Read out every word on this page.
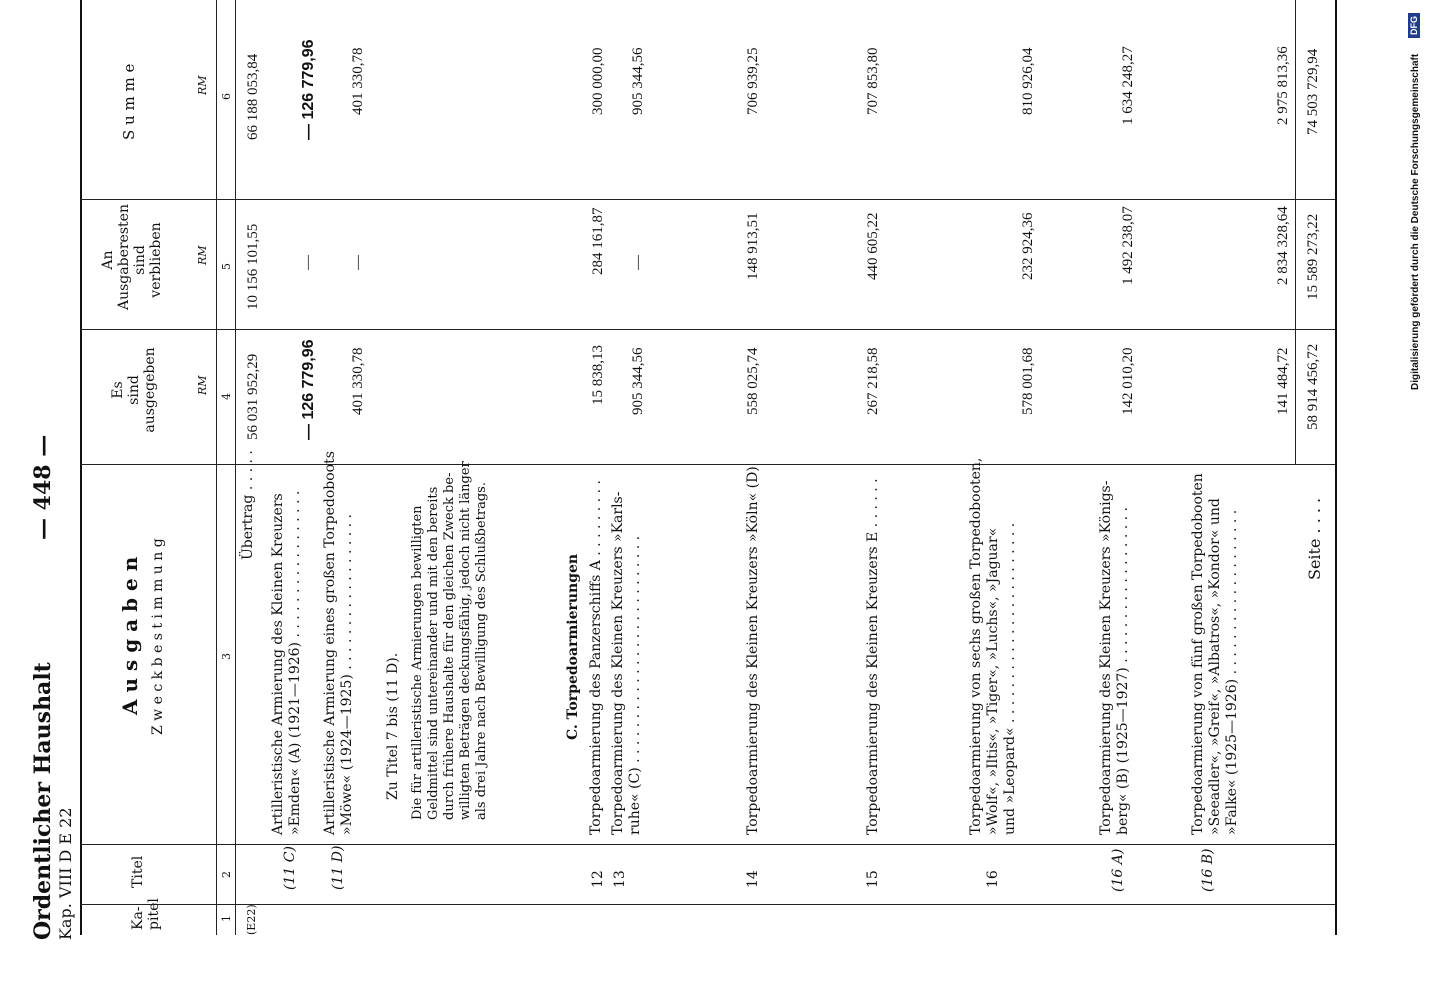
Ordentlicher Haushalt Kap. VIII D E 22
— 448 —
Ka-
pitel
Titel
A u s g a b e n Z w e c k b e s t i m m u n g
Es
sind ausgegeben
An
Ausgaberesten
sind verblieben
S u m m e
RM
RM
RM
1
2
3
4
5
6
(E22)
Übertrag . . . . .
56 031 952,29
10 156 101,55
66 188 053,84
(11 C)
Artilleristische Armierung des Kleinen Kreuzers
»Emden« (A) (1921—1926) . . . . . . . . . . . . . . . . .
— 126 779,96
—
— 126 779,96
(11 D)
Artilleristische Armierung eines großen Torpedoboots
»Möwe« (1924—1925) . . . . . . . . . . . . . . . . . .
401 330,78
—
401 330,78
Zu Titel 7 bis (11 D).
Die für artilleristische Armierungen bewilligten
Geldmittel sind untereinander und mit den bereits
durch frühere Haushalte für den gleichen Zweck be-
willigten Beträgen deckungsfähig, jedoch nicht länger
als drei Jahre nach Bewilligung des Schlußbetrags.
C. Torpedoarmierungen
12
Torpedoarmierung des Panzerschiffs A . . . . . . . . .
15 838,13
284 161,87
300 000,00
13
Torpedoarmierung des Kleinen Kreuzers »Karls-
ruhe« (C) . . . . . . . . . . . . . . . . . . . . . . . . . .
905 344,56
—
905 344,56
14
Torpedoarmierung des Kleinen Kreuzers »Köln« (D)
558 025,74
148 913,51
706 939,25
15
Torpedoarmierung des Kleinen Kreuzers E . . . . . .
267 218,58
440 605,22
707 853,80
16
Torpedoarmierung von sechs großen Torpedobooten,
»Wolf«, »Iltis«, »Tiger«, »Luchs«, »Jaguar«
und »Leopard« . . . . . . . . . . . . . . . . . . . . . . .
578 001,68
232 924,36
810 926,04
(16 A)
Torpedoarmierung des Kleinen Kreuzers »Königs-
berg« (B) (1925—1927) . . . . . . . . . . . . . . . . . .
142 010,20
1 492 238,07
1 634 248,27
(16 B)
Torpedoarmierung von fünf großen Torpedobooten
»Seeadler«, »Greif«, »Albatros«, »Kondor« und
»Falke« (1925—1926) . . . . . . . . . . . . . . . . . . .
141 484,72
2 834 328,64
2 975 813,36
Seite . . . .
58 914 456,72
15 589 273,22
74 503 729,94	Digitalisierung gefördert durch die Deutsche Forschungsgemeinschaft
DFG
